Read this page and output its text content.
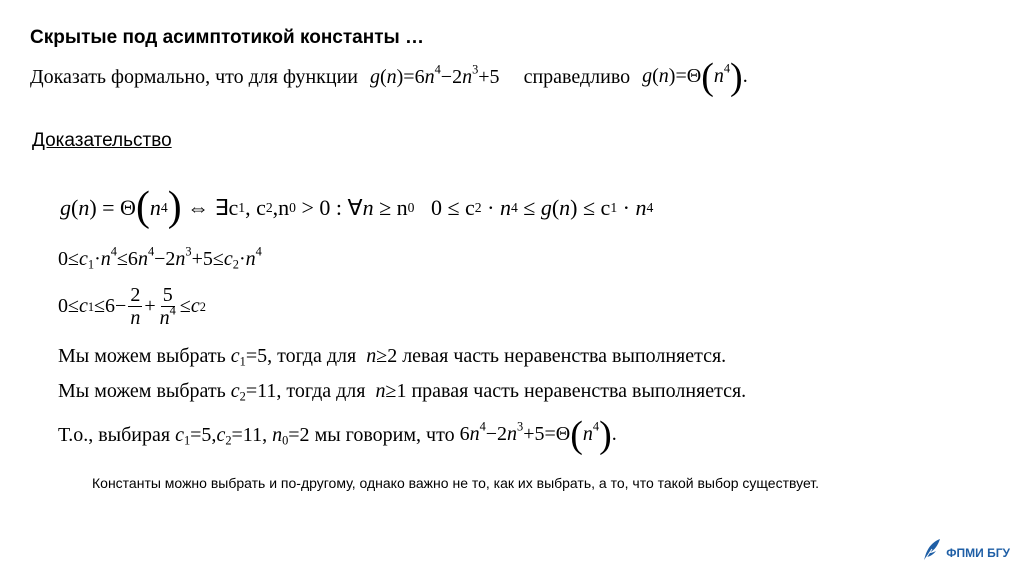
Скрытые под асимптотикой константы …
Доказать формально, что для функции $g(n)=6n^4-2n^3+5$ справедливо $g(n)=\Theta(n^4)$.
Доказательство
g ( n ) = Θ ( n 4 ) ⇔ ∃c 1 , c 2 ,n 0 > 0 : ∀ n ≥ n 0 0 ≤ c 2 · n 4 ≤ g ( n ) ≤ c 1 · n 4
$0\le c_1\cdot n^4\le 6n^4-2n^3+5\le c_2\cdot n^4$
0≤ c $1 \le 6- \frac{2}{n} + \frac{5}{n^4} \le c$ 2
Мы можем выбрать $c_1=5$, тогда для n≥2 левая часть неравенства выполняется.
Мы можем выбрать $c_2=11$, тогда для n≥1 правая часть неравенства выполняется.
Т.о., выбирая $c_1=5,c_2=11$, $n_0=2$ мы говорим, что $6n^4-2n^3+5=\Theta(n^4)$.
Константы можно выбрать и по-другому, однако важно не то, как их выбрать, а то, что такой выбор существует.
ФПМИ БГУ
